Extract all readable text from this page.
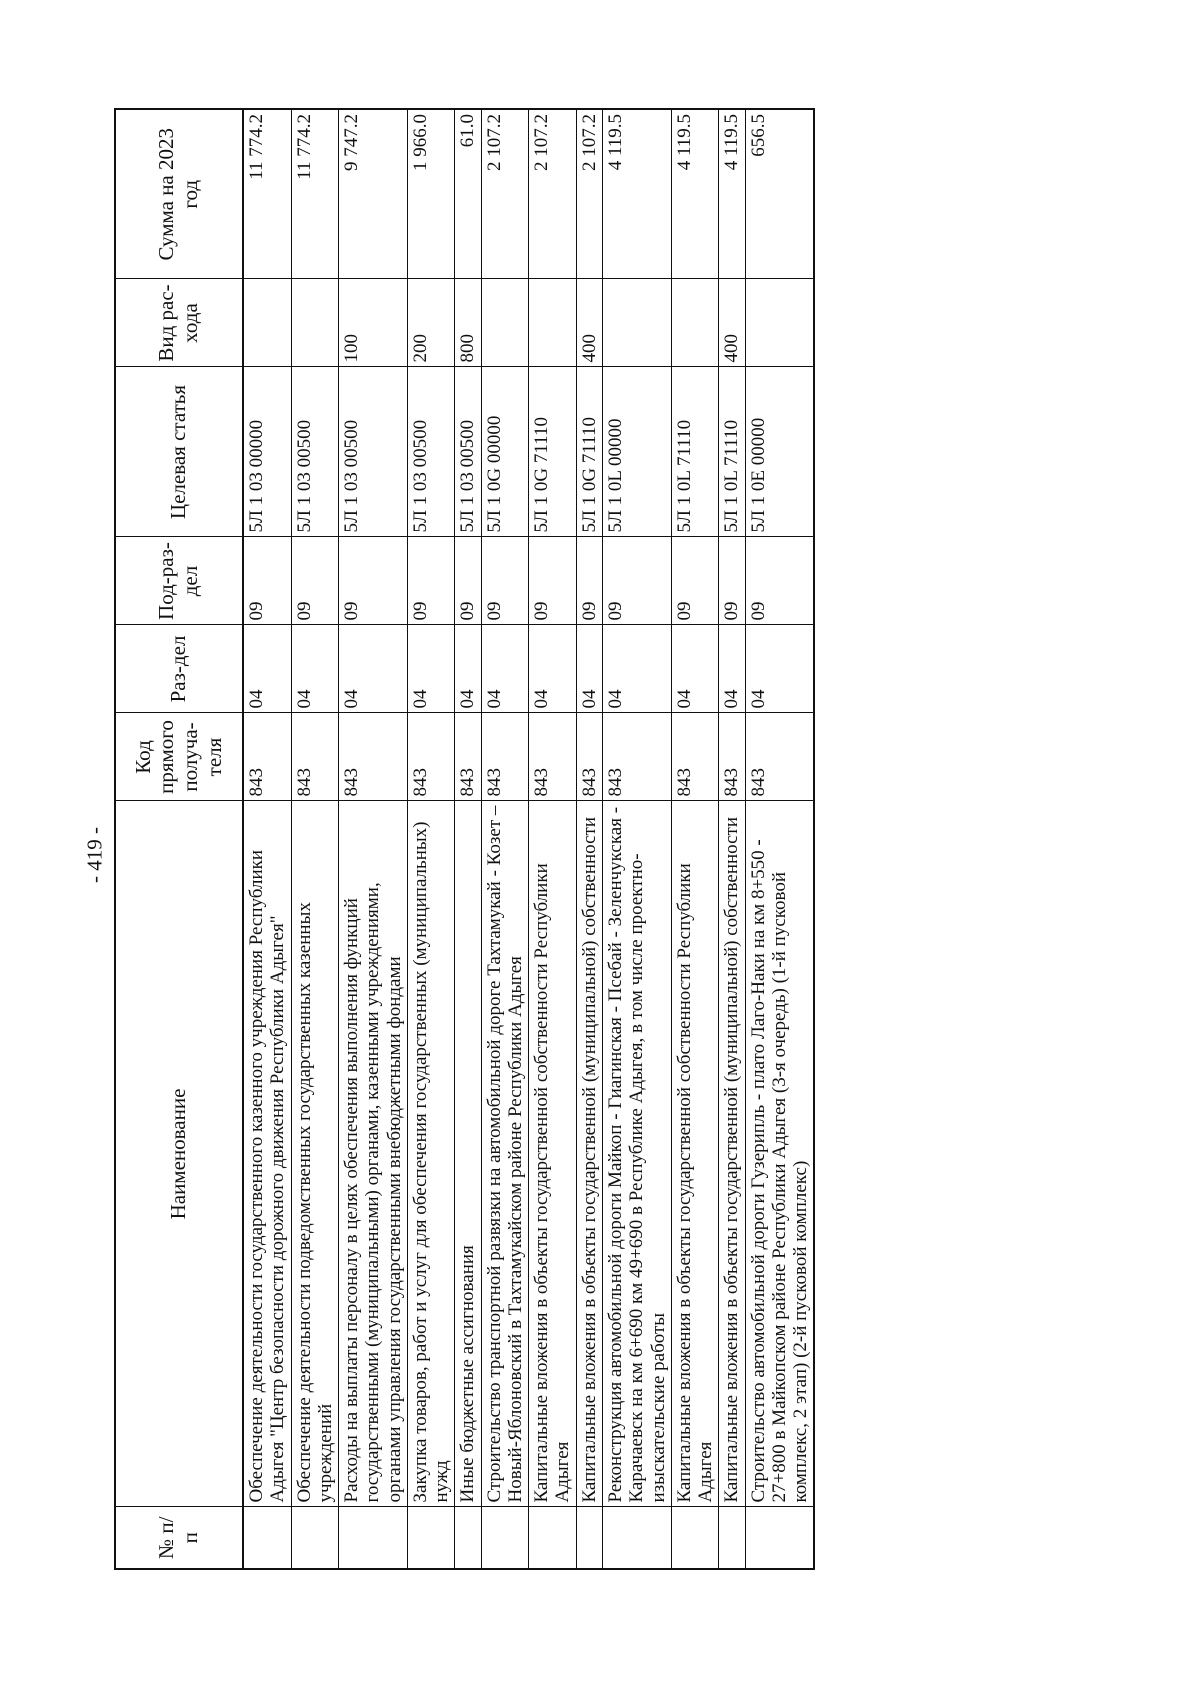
- 419 -
№ п/п	Наименование	Код прямого получа-теля	Раз-дел	Под-раз-дел	Целевая статья	Вид рас-хода	Сумма на 2023 год
	Обеспечение деятельности государственного казенного учреждения Республики Адыгея "Центр безопасности дорожного движения Республики Адыгея"	843	04	09	5Л 1 03 00000		11 774.2
	Обеспечение деятельности подведомственных государственных казенных учреждений	843	04	09	5Л 1 03 00500		11 774.2
	Расходы на выплаты персоналу в целях обеспечения выполнения функций государственными (муниципальными) органами, казенными учреждениями, органами управления государственными внебюджетными фондами	843	04	09	5Л 1 03 00500	100	9 747.2
	Закупка товаров, работ и услуг для обеспечения государственных (муниципальных) нужд	843	04	09	5Л 1 03 00500	200	1 966.0
	Иные бюджетные ассигнования	843	04	09	5Л 1 03 00500	800	61.0
	Строительство транспортной развязки на автомобильной дороге Тахтамукай - Козет – Новый-Яблоновский в Тахтамукайском районе Республики Адыгея	843	04	09	5Л 1 0G 00000		2 107.2
	Капитальные вложения в объекты государственной собственности Республики Адыгея	843	04	09	5Л 1 0G 71110		2 107.2
	Капитальные вложения в объекты государственной (муниципальной) собственности	843	04	09	5Л 1 0G 71110	400	2 107.2
	Реконструкция автомобильной дороги Майкоп - Гиагинская - Псебай - Зеленчукская - Карачаевск на км 6+690 км 49+690 в Республике Адыгея, в том числе проектно-изыскательские работы	843	04	09	5Л 1 0L 00000		4 119.5
	Капитальные вложения в объекты государственной собственности Республики Адыгея	843	04	09	5Л 1 0L 71110		4 119.5
	Капитальные вложения в объекты государственной (муниципальной) собственности	843	04	09	5Л 1 0L 71110	400	4 119.5
	Строительство автомобильной дороги Гузерипль - плато Лаго-Наки на км 8+550 - 27+800 в Майкопском районе Республики Адыгея (3-я очередь) (1-й пусковой комплекс, 2 этап) (2-й пусковой комплекс)	843	04	09	5Л 1 0E 00000		656.5
